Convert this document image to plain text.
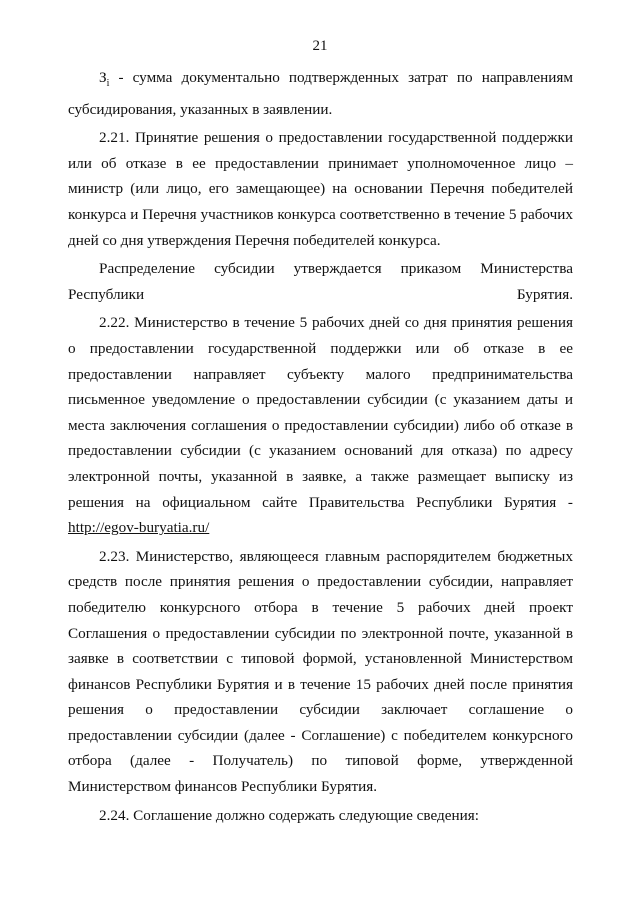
21

$З_i$ - сумма документально подтвержденных затрат по направлениям субсидирования, указанных в заявлении.

2.21. Принятие решения о предоставлении государственной поддержки или об отказе в ее предоставлении принимает уполномоченное лицо – министр (или лицо, его замещающее) на основании Перечня победителей конкурса и Перечня участников конкурса соответственно в течение 5 рабочих дней со дня утверждения Перечня победителей конкурса.

Распределение субсидии утверждается приказом Министерства Республики Бурятия.

2.22. Министерство в течение 5 рабочих дней со дня принятия решения о предоставлении государственной поддержки или об отказе в ее предоставлении направляет субъекту малого предпринимательства письменное уведомление о предоставлении субсидии (с указанием даты и места заключения соглашения о предоставлении субсидии) либо об отказе в предоставлении субсидии (с указанием оснований для отказа) по адресу электронной почты, указанной в заявке, а также размещает выписку из решения на официальном сайте Правительства Республики Бурятия - http://egov-buryatia.ru/

2.23. Министерство, являющееся главным распорядителем бюджетных средств после принятия решения о предоставлении субсидии, направляет победителю конкурсного отбора в течение 5 рабочих дней проект Соглашения о предоставлении субсидии по электронной почте, указанной в заявке в соответствии с типовой формой, установленной Министерством финансов Республики Бурятия и в течение 15 рабочих дней после принятия решения о предоставлении субсидии заключает соглашение о предоставлении субсидии (далее - Соглашение) с победителем конкурсного отбора (далее - Получатель) по типовой форме, утвержденной Министерством финансов Республики Бурятия.

2.24. Соглашение должно содержать следующие сведения:
